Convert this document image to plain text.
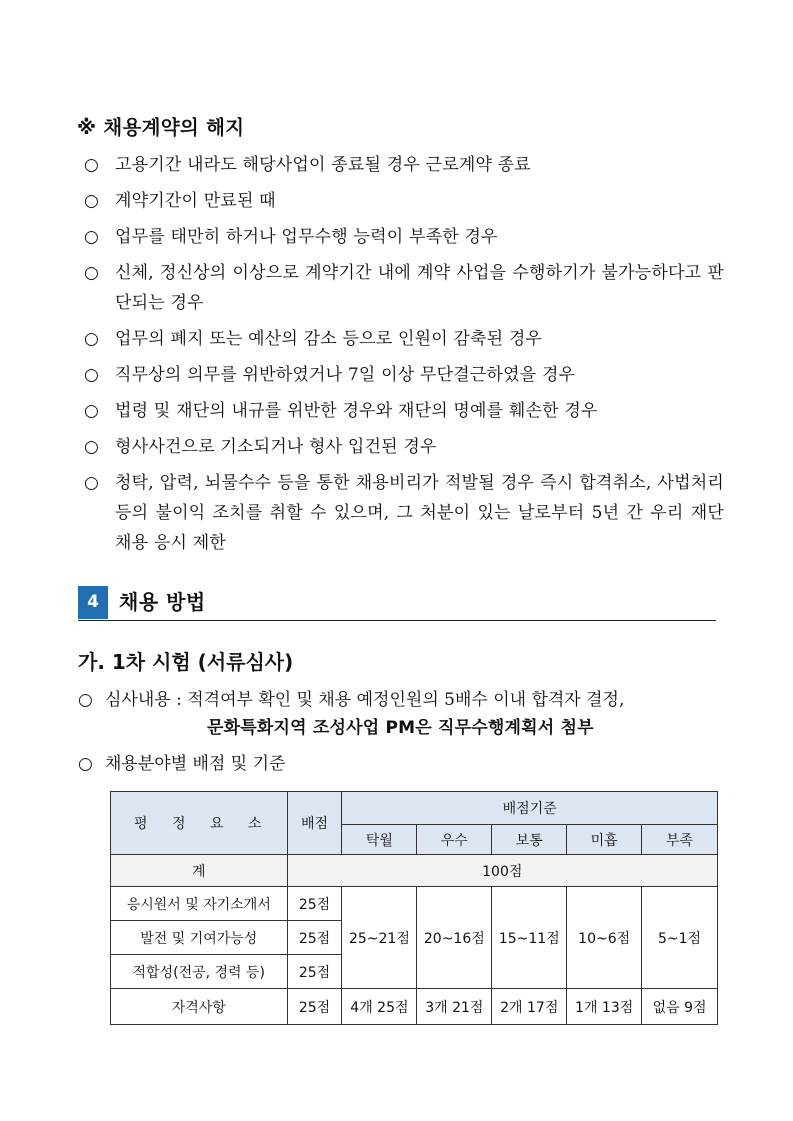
※ 채용계약의 해지
○ 고용기간 내라도 해당사업이 종료될 경우 근로계약 종료
○ 계약기간이 만료된 때
○ 업무를 태만히 하거나 업무수행 능력이 부족한 경우
○ 신체, 정신상의 이상으로 계약기간 내에 계약 사업을 수행하기가 불가능하다고 판단되는 경우
○ 업무의 폐지 또는 예산의 감소 등으로 인원이 감축된 경우
○ 직무상의 의무를 위반하였거나 7일 이상 무단결근하였을 경우
○ 법령 및 재단의 내규를 위반한 경우와 재단의 명예를 훼손한 경우
○ 형사사건으로 기소되거나 형사 입건된 경우
○ 청탁, 압력, 뇌물수수 등을 통한 채용비리가 적발될 경우 즉시 합격취소, 사법처리 등의 불이익 조치를 취할 수 있으며, 그 처분이 있는 날로부터 5년 간 우리 재단 채용 응시 제한
4	채용 방법
가. 1차 시험 (서류심사)
○ 심사내용 : 적격여부 확인 및 채용 예정인원의 5배수 이내 합격자 결정,
문화특화지역 조성사업 PM은 직무수행계획서 첨부
○ 채용분야별 배점 및 기준
평 정 요 소	배점	배점기준				
		탁월	우수	보통	미흡	부족
계	100점					
응시원서 및 자기소개서	25점	25~21점	20~16점	15~11점	10~6점	5~1점
발전 및 기여가능성	25점					
적합성(전공, 경력 등)	25점					
자격사항	25점	4개 25점	3개 21점	2개 17점	1개 13점	없음 9점
